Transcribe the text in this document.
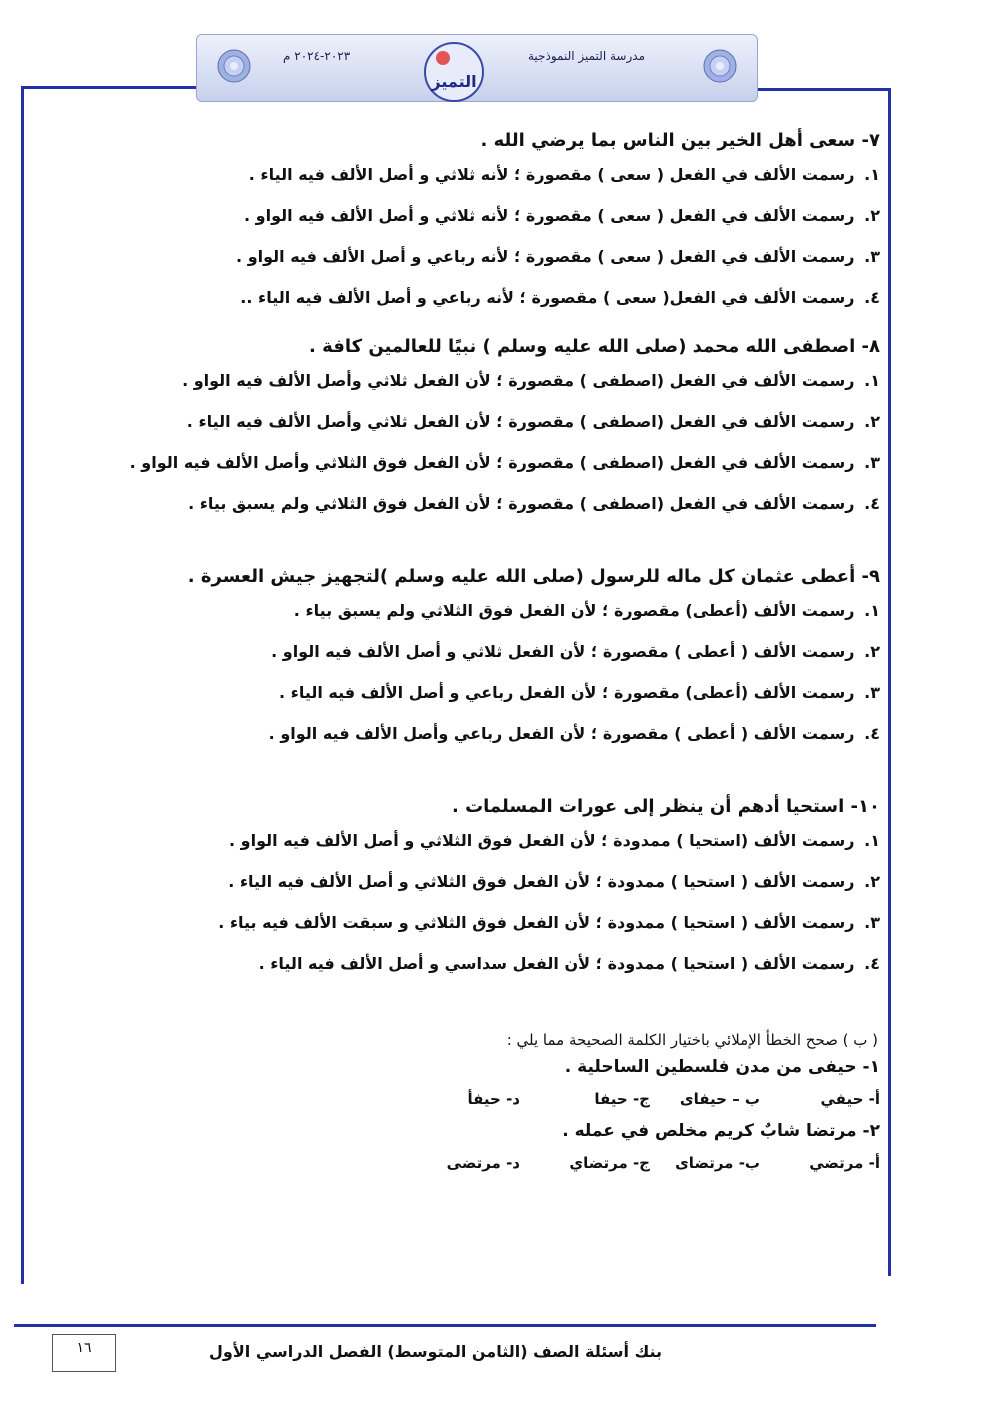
مدرسة التميز النموذجية
٢٠٢٣-٢٠٢٤ م
التميز
٧- سعى أهل الخير بين الناس بما يرضي الله .
١. رسمت الألف في الفعل ( سعى ) مقصورة ؛ لأنه ثلاثي و أصل الألف فيه الياء .
٢. رسمت الألف في الفعل ( سعى ) مقصورة ؛ لأنه ثلاثي و أصل الألف فيه الواو .
٣. رسمت الألف في الفعل ( سعى ) مقصورة ؛ لأنه رباعي و أصل الألف فيه الواو .
٤. رسمت الألف في الفعل( سعى ) مقصورة ؛ لأنه رباعي و أصل الألف فيه الياء ..
٨- اصطفى الله محمد (صلى الله عليه وسلم ) نبيًا للعالمين كافة .
١. رسمت الألف في الفعل (اصطفى ) مقصورة ؛ لأن الفعل ثلاثي وأصل الألف فيه الواو .
٢. رسمت الألف في الفعل (اصطفى ) مقصورة ؛ لأن الفعل ثلاثي وأصل الألف فيه الياء .
٣. رسمت الألف في الفعل (اصطفى ) مقصورة ؛ لأن الفعل فوق الثلاثي وأصل الألف فيه الواو .
٤. رسمت الألف في الفعل (اصطفى ) مقصورة ؛ لأن الفعل فوق الثلاثي ولم يسبق بياء .
٩- أعطى عثمان كل ماله للرسول (صلى الله عليه وسلم )لتجهيز جيش العسرة .
١. رسمت الألف (أعطى) مقصورة ؛ لأن الفعل فوق الثلاثي ولم يسبق بياء .
٢. رسمت الألف ( أعطى ) مقصورة ؛ لأن الفعل ثلاثي و أصل الألف فيه الواو .
٣. رسمت الألف (أعطى) مقصورة ؛ لأن الفعل رباعي و أصل الألف فيه الياء .
٤. رسمت الألف ( أعطى ) مقصورة ؛ لأن الفعل رباعي وأصل الألف فيه الواو .
١٠- استحيا أدهم أن ينظر إلى عورات المسلمات .
١. رسمت الألف (استحيا ) ممدودة ؛ لأن الفعل فوق الثلاثي و أصل الألف فيه الواو .
٢. رسمت الألف ( استحيا ) ممدودة ؛ لأن الفعل فوق الثلاثي و أصل الألف فيه الياء .
٣. رسمت الألف ( استحيا ) ممدودة ؛ لأن الفعل فوق الثلاثي و سبقت الألف فيه بياء .
٤. رسمت الألف ( استحيا ) ممدودة ؛ لأن الفعل سداسي و أصل الألف فيه الياء .
( ب ) صحح الخطأ الإملائي باختيار الكلمة الصحيحة مما يلي :
١- حيفى من مدن فلسطين الساحلية .
أ- حيفي
ب – حيفاى
ج- حيفا
د- حيفأ
٢- مرتضا شابٌ كريم مخلص في عمله .
أ- مرتضي
ب- مرتضاى
ج- مرتضاي
د- مرتضى
١٦	بنك أسئلة الصف (الثامن المتوسط) الفصل الدراسي الأول
